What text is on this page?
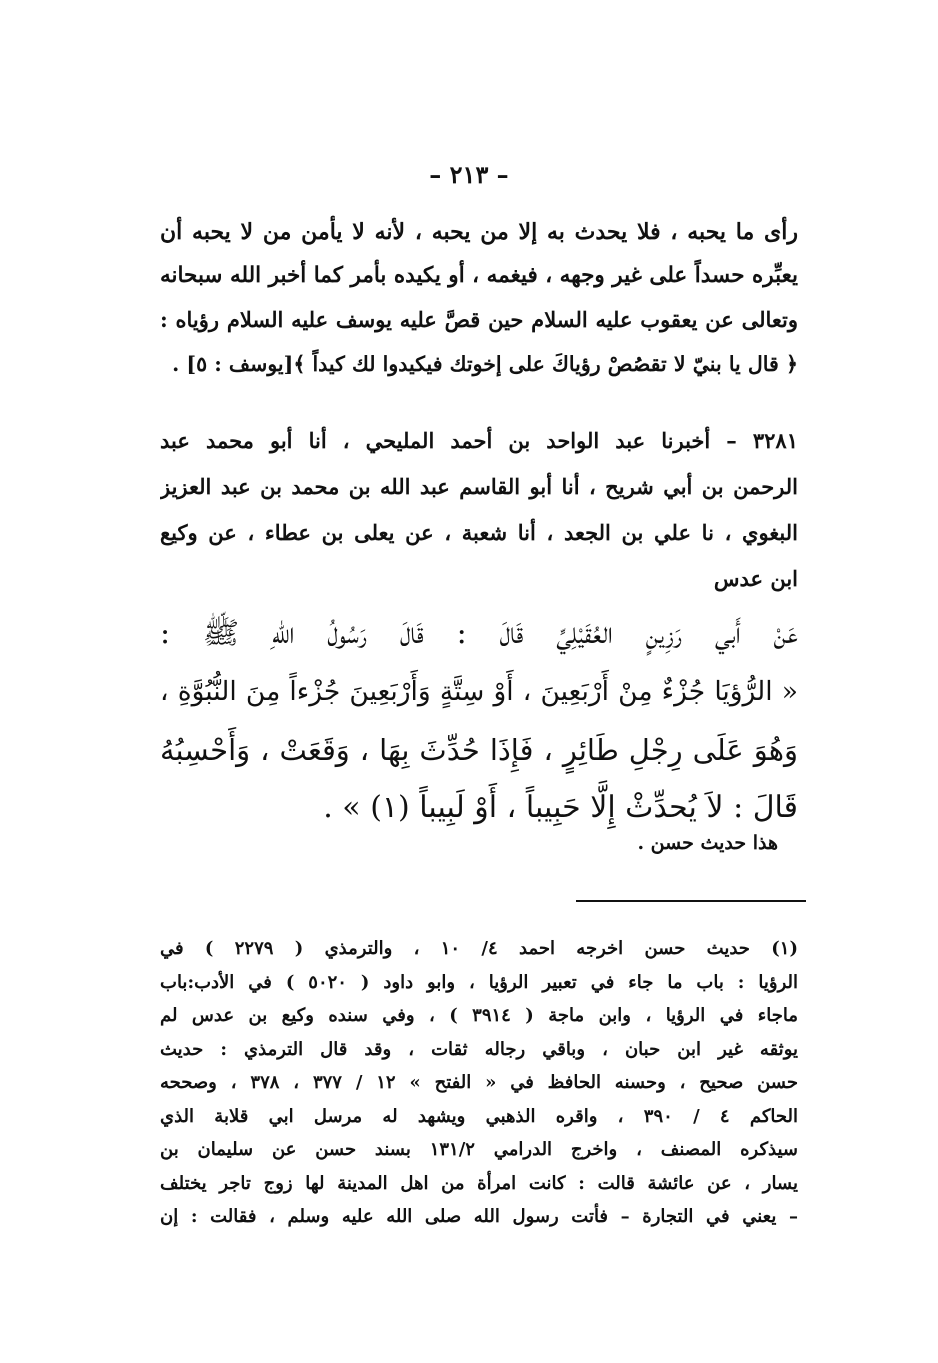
– ٢١٣ –
رأى ما يحبه ، فلا يحدث به إلا من يحبه ، لأنه لا يأمن من لا يحبه أن
يعبِّره حسداً على غير وجهه ، فيغمه ، أو يكيده بأمر كما أخبر الله سبحانه
وتعالى عن يعقوب عليه السلام حين قصَّ عليه يوسف عليه السلام رؤياه :
﴿ قال يا بنيّ لا تقصُصْ رؤياكَ على إخوتك فيكيدوا لك كيداً ﴾[يوسف : ٥] .
٣٢٨١ – أخبرنا عبد الواحد بن أحمد المليحي ، أنا أبو محمد عبد
الرحمن بن أبي شريح ، أنا أبو القاسم عبد الله بن محمد بن عبد العزيز
البغوي ، نا علي بن الجعد ، أنا شعبة ، عن يعلى بن عطاء ، عن وكيع
ابن عدس
عَنْ أَبي رَزِينٍ العُقَيْلِيِّ قَالَ : قَالَ رَسُولُ اللهِ ﷺ :
« الرُّؤيَا جُزْءٌ مِنْ أَرْبَعِينَ ، أَوْ سِتَّةٍ وَأَرْبَعِينَ جُزْءاً مِنَ النُّبُوَّةِ ،
وَهُوَ عَلَى رِجْلِ طَائِرٍ ، فَإِذَا حُدِّثَ بِهَا ، وَقَعَتْ ، وَأَحْسِبُهُ
قَالَ : لاَ يُحدِّثْ إِلَّا حَبِيباً ، أَوْ لَبِيباً (١) » .
هذا حديث حسن .
(١) حديث حسن اخرجه احمد ٤/ ١٠ ، والترمذي ( ٢٢٧٩ ) في
الرؤيا : باب ما جاء في تعبير الرؤيا ، وابو داود ( ٥٠٢٠ ) في الأدب:باب
ماجاء في الرؤيا ، وابن ماجة ( ٣٩١٤ ) ، وفي سنده وكيع بن عدس لم
يوثقه غير ابن حبان ، وباقي رجاله ثقات ، وقد قال الترمذي : حديث
حسن صحيح ، وحسنه الحافظ في « الفتح » ١٢ / ٣٧٧ ، ٣٧٨ ، وصححه
الحاكم ٤ / ٣٩٠ ، واقره الذهبي ويشهد له مرسل ابي قلابة الذي
سيذكره المصنف ، واخرج الدرامي ١٣١/٢ بسند حسن عن سليمان بن
يسار ، عن عائشة قالت : كانت امرأة من اهل المدينة لها زوج تاجر يختلف
– يعني في التجارة – فأتت رسول الله صلى الله عليه وسلم ، فقالت : إن
